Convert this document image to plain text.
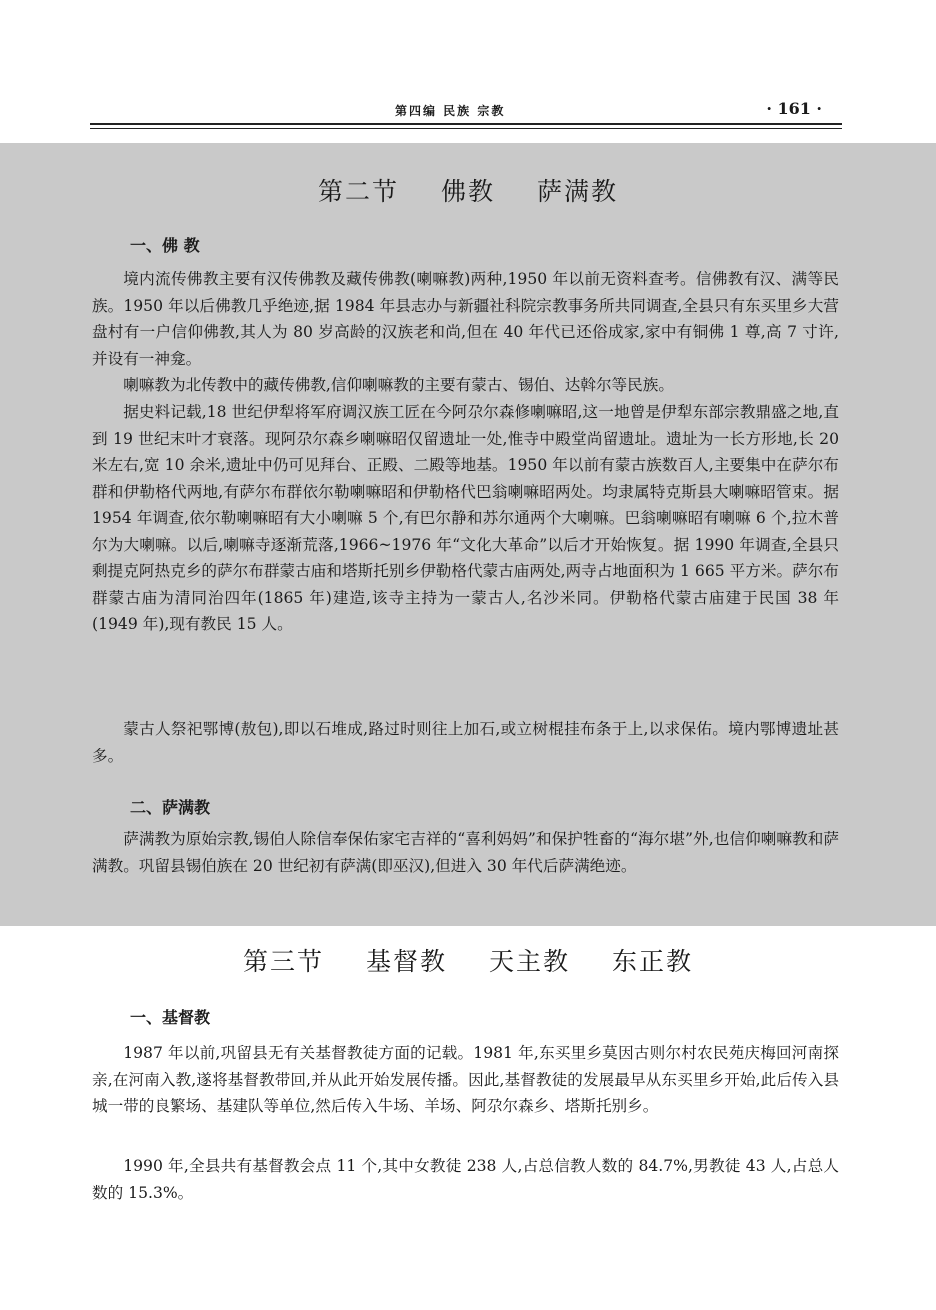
第四编 民族 宗教	· 161 ·
第二节 佛教 萨满教
一、佛 教

境内流传佛教主要有汉传佛教及藏传佛教(喇嘛教)两种,1950 年以前无资料查考。信佛教有汉、满等民族。1950 年以后佛教几乎绝迹,据 1984 年县志办与新疆社科院宗教事务所共同调查,全县只有东买里乡大营盘村有一户信仰佛教,其人为 80 岁高龄的汉族老和尚,但在 40 年代已还俗成家,家中有铜佛 1 尊,高 7 寸许,并设有一神龛。

喇嘛教为北传教中的藏传佛教,信仰喇嘛教的主要有蒙古、锡伯、达斡尔等民族。

据史料记载,18 世纪伊犁将军府调汉族工匠在今阿尕尔森修喇嘛昭,这一地曾是伊犁东部宗教鼎盛之地,直到 19 世纪末叶才衰落。现阿尕尔森乡喇嘛昭仅留遗址一处,惟寺中殿堂尚留遗址。遗址为一长方形地,长 20 米左右,宽 10 余米,遗址中仍可见拜台、正殿、二殿等地基。1950 年以前有蒙古族数百人,主要集中在萨尔布群和伊勒格代两地,有萨尔布群依尔勒喇嘛昭和伊勒格代巴翁喇嘛昭两处。均隶属特克斯县大喇嘛昭管束。据 1954 年调查,依尔勒喇嘛昭有大小喇嘛 5 个,有巴尔静和苏尔通两个大喇嘛。巴翁喇嘛昭有喇嘛 6 个,拉木普尔为大喇嘛。以后,喇嘛寺逐渐荒落,1966~1976 年“文化大革命”以后才开始恢复。据 1990 年调查,全县只剩提克阿热克乡的萨尔布群蒙古庙和塔斯托别乡伊勒格代蒙古庙两处,两寺占地面积为 1 665 平方米。萨尔布群蒙古庙为清同治四年(1865 年)建造,该寺主持为一蒙古人,名沙米同。伊勒格代蒙古庙建于民国 38 年(1949 年),现有教民 15 人。

蒙古人祭祀鄂博(敖包),即以石堆成,路过时则往上加石,或立树棍挂布条于上,以求保佑。境内鄂博遗址甚多。

二、萨满教

萨满教为原始宗教,锡伯人除信奉保佑家宅吉祥的“喜利妈妈”和保护牲畜的“海尔堪”外,也信仰喇嘛教和萨满教。巩留县锡伯族在 20 世纪初有萨满(即巫汉),但进入 30 年代后萨满绝迹。

第三节 基督教 天主教 东正教
一、基督教

1987 年以前,巩留县无有关基督教徒方面的记载。1981 年,东买里乡莫因古则尔村农民苑庆梅回河南探亲,在河南入教,遂将基督教带回,并从此开始发展传播。因此,基督教徒的发展最早从东买里乡开始,此后传入县城一带的良繁场、基建队等单位,然后传入牛场、羊场、阿尕尔森乡、塔斯托别乡。

1990 年,全县共有基督教会点 11 个,其中女教徒 238 人,占总信教人数的 84.7%,男教徒 43 人,占总人数的 15.3%。
